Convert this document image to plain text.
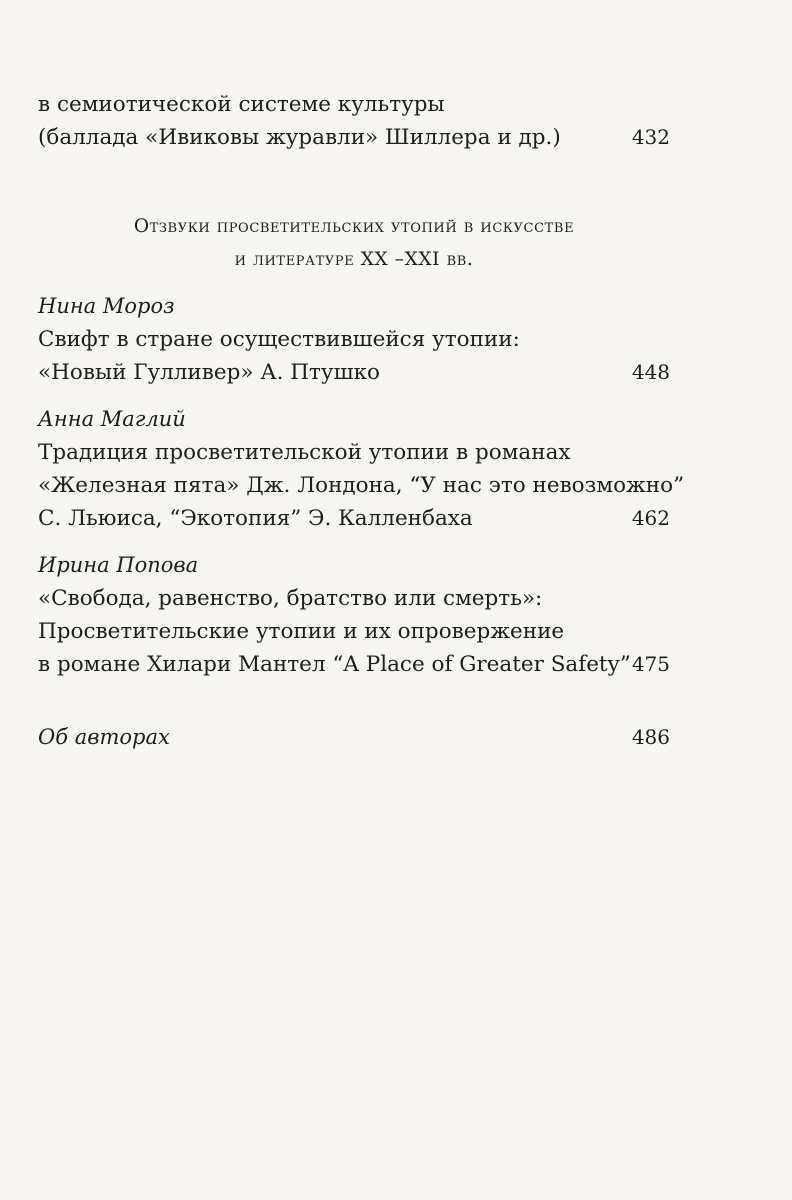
в семиотической системе культуры
(баллада «Ивиковы журавли» Шиллера и др.)	432
Отзвуки просветительских утопий в искусстве
и литературе XX –XXI вв.
Нина Мороз
Свифт в стране осуществившейся утопии:
«Новый Гулливер» А. Птушко	448
Анна Маглий
Традиция просветительской утопии в романах
«Железная пята» Дж. Лондона, “У нас это невозможно”
С. Льюиса, “Экотопия” Э. Калленбаха	462
Ирина Попова
«Свобода, равенство, братство или смерть»:
Просветительские утопии и их опровержение
в романе Хилари Мантел “A Place of Greater Safety” 475
Об авторах	486
